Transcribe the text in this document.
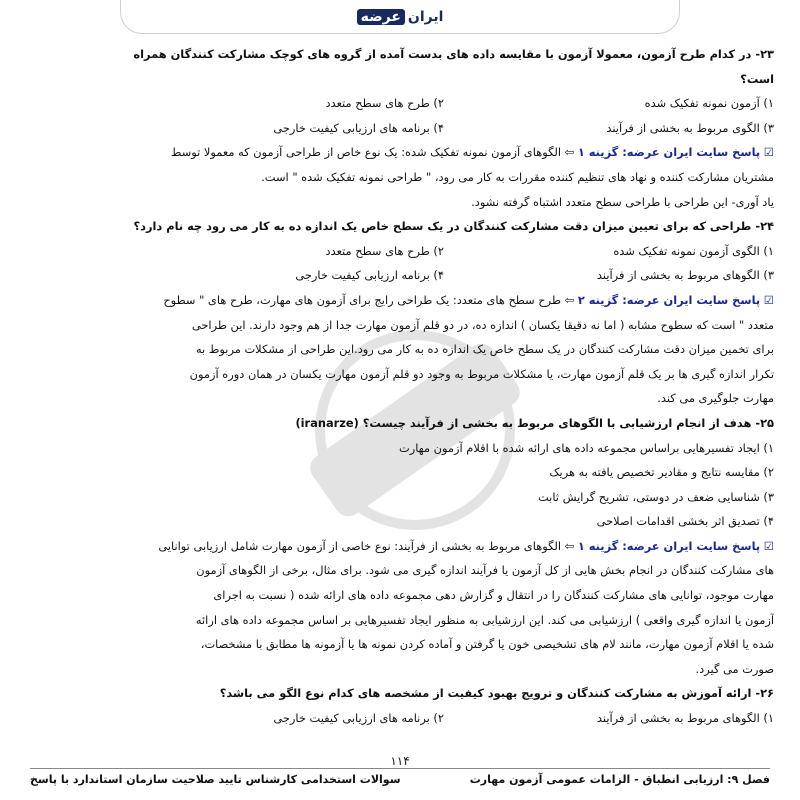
ایران
عرضه
۲۳- در کدام طرح آزمون، معمولا آزمون با مقایسه داده های بدست آمده از گروه های کوچک مشارکت کنندگان همراه
است؟
۱) آزمون نمونه تفکیک شده
۲) طرح های سطح متعدد
۳) الگوی مربوط به بخشی از فرآیند
۴) برنامه های ارزیابی کیفیت خارجی
☑ پاسخ سایت ایران عرضه: گزینه ۱ ⇦ الگوهای آزمون نمونه تفکیک شده: یک نوع خاص از طراحی آزمون که معمولا توسط
مشتریان مشارکت کننده و نهاد های تنظیم کننده مقررات به کار می رود، " طراحی نمونه تفکیک شده " است.
یاد آوری- این طراحی با طراحی سطح متعدد اشتباه گرفته نشود.
۲۴- طراحی که برای تعیین میزان دقت مشارکت کنندگان در یک سطح خاص یک اندازه ده به کار می رود چه نام دارد؟
۱) الگوی آزمون نمونه تفکیک شده
۲) طرح های سطح متعدد
۳) الگوهای مربوط به بخشی از فرآیند
۴) برنامه ارزیابی کیفیت خارجی
☑ پاسخ سایت ایران عرضه: گزینه ۲ ⇦ طرح سطح های متعدد: یک طراحی رایج برای آزمون های مهارت، طرح های " سطوح
متعدد " است که سطوح مشابه ( اما نه دقیقا یکسان ) اندازه ده، در دو قلم آزمون مهارت جدا از هم وجود دارند. این طراحی
برای تخمین میزان دقت مشارکت کنندگان در یک سطح خاص یک اندازه ده به کار می رود.این طراحی از مشکلات مربوط به
تکرار اندازه گیری ها بر یک قلم آزمون مهارت، یا مشکلات مربوط به وجود دو قلم آزمون مهارت یکسان در همان دوره آزمون
مهارت جلوگیری می کند.
۲۵- هدف از انجام ارزشیابی با الگوهای مربوط به بخشی از فرآیند چیست؟ (iranarze)
۱) ایجاد تفسیرهایی براساس مجموعه داده های ارائه شده با اقلام آزمون مهارت
۲) مقایسه نتایج و مقادیر تخصیص یافته به هریک
۳) شناسایی ضعف در دوستی، تشریح گرایش ثابت
۴) تصدیق اثر بخشی اقدامات اصلاحی
☑ پاسخ سایت ایران عرضه: گزینه ۱ ⇦ الگوهای مربوط به بخشی از فرآیند: نوع خاصی از آزمون مهارت شامل ارزیابی توانایی
های مشارکت کنندگان در انجام بخش هایی از کل آزمون یا فرآیند اندازه گیری می شود. برای مثال، برخی از الگوهای آزمون
مهارت موجود، توانایی های مشارکت کنندگان را در انتقال و گزارش دهی مجموعه داده های ارائه شده ( نسبت به اجرای
آزمون یا اندازه گیری واقعی ) ارزشیابی می کند. این ارزشیابی به منظور ایجاد تفسیرهایی بر اساس مجموعه داده های ارائه
شده یا اقلام آزمون مهارت، مانند لام های تشخیصی خون یا گرفتن و آماده کردن نمونه ها یا آزمونه ها مطابق با مشخصات،
صورت می گیرد.
۲۶- ارائه آموزش به مشارکت کنندگان و ترویج بهبود کیفیت از مشخصه های کدام نوع الگو می باشد؟
۱) الگوهای مربوط به بخشی از فرآیند
۲) برنامه های ارزیابی کیفیت خارجی
۱۱۴
فصل ۹: ارزیابی انطباق - الزامات عمومی آزمون مهارت
سوالات استخدامی کارشناس تایید صلاحیت سازمان استاندارد با پاسخ
